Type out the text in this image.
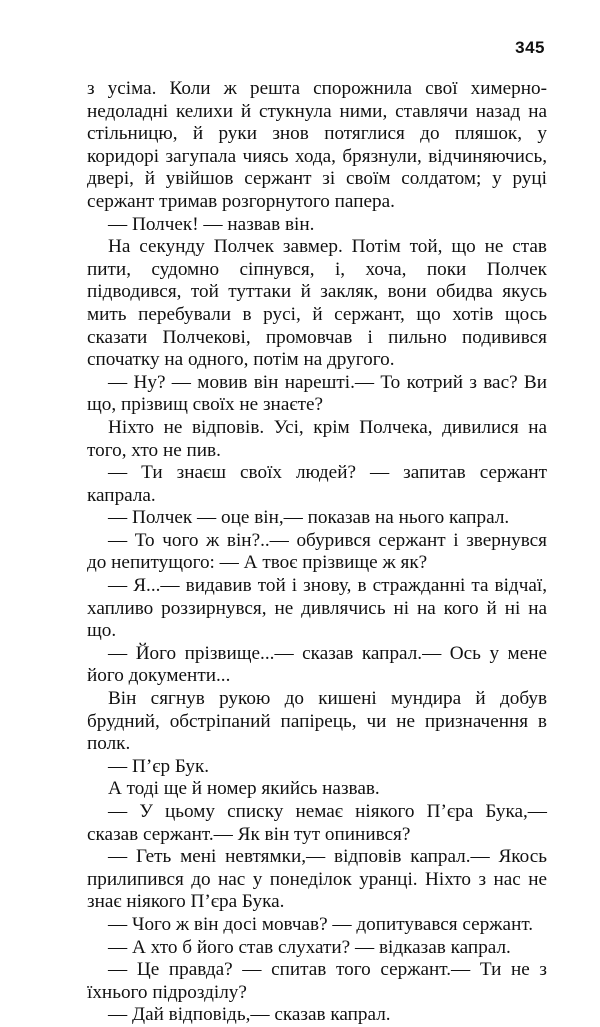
345

з усіма. Коли ж решта спорожнила свої химерно-недоладні келихи й стукнула ними, ставлячи назад на стільницю, й руки знов потяглися до пляшок, у коридорі загупала чиясь хода, брязнули, відчиняючись, двері, й увійшов сержант зі своїм солдатом; у руці сержант тримав розгорнутого папера.

— Полчек! — назвав він.

На секунду Полчек завмер. Потім той, що не став пити, судомно сіпнувся, і, хоча, поки Полчек підводився, той туттаки й закляк, вони обидва якусь мить перебували в русі, й сержант, що хотів щось сказати Полчекові, промовчав і пильно подивився спочатку на одного, потім на другого.

— Ну? — мовив він нарешті.— То котрий з вас? Ви що, прізвищ своїх не знаєте?

Ніхто не відповів. Усі, крім Полчека, дивилися на того, хто не пив.

— Ти знаєш своїх людей? — запитав сержант капрала.

— Полчек — оце він,— показав на нього капрал.

— То чого ж він?..— обурився сержант і звернувся до непитущого: — А твоє прізвище ж як?

— Я...— видавив той і знову, в стражданні та відчаї, хапливо роззирнувся, не дивлячись ні на кого й ні на що.

— Його прізвище...— сказав капрал.— Ось у мене його документи...

Він сягнув рукою до кишені мундира й добув брудний, обстріпаний папірець, чи не призначення в полк.

— П’єр Бук.

А тоді ще й номер якийсь назвав.

— У цьому списку немає ніякого П’єра Бука,— сказав сержант.— Як він тут опинився?

— Геть мені невтямки,— відповів капрал.— Якось прилипився до нас у понеділок уранці. Ніхто з нас не знає ніякого П’єра Бука.

— Чого ж він досі мовчав? — допитувався сержант.

— А хто б його став слухати? — відказав капрал.

— Це правда? — спитав того сержант.— Ти не з їхнього підрозділу?

— Дай відповідь,— сказав капрал.
